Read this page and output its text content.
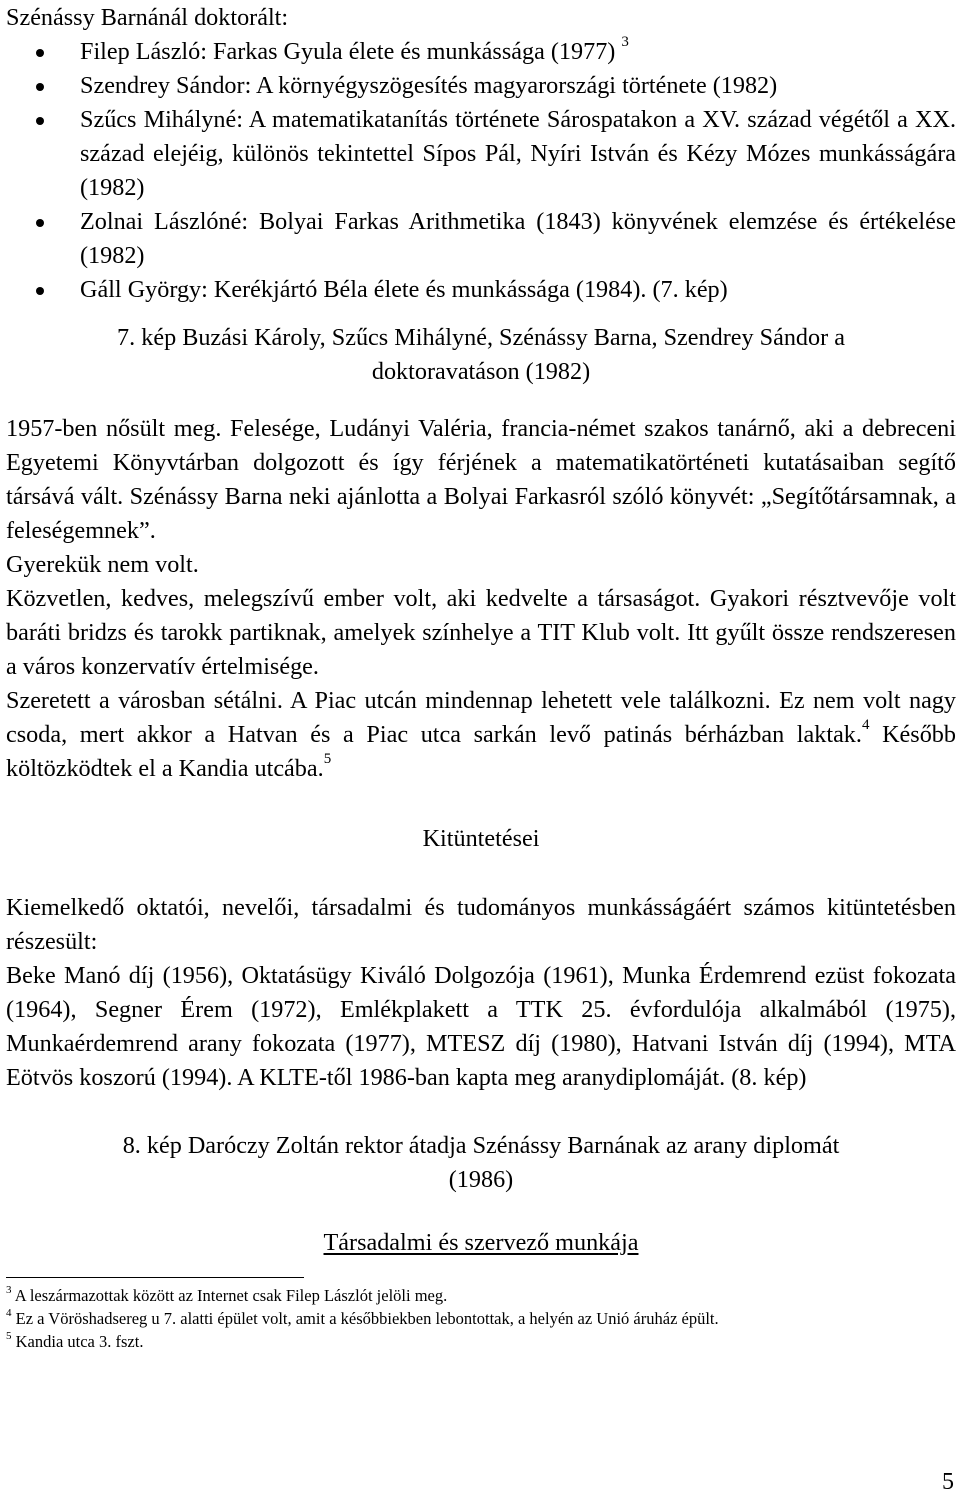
Szénássy Barnánál doktorált:

Filep László: Farkas Gyula élete és munkássága (1977) $^3$
Szendrey Sándor: A környégyszögesítés magyarországi története (1982)
Szűcs Mihályné: A matematikatanítás története Sárospatakon a XV. század végétől a XX. század elejéig, különös tekintettel Sípos Pál, Nyíri István és Kézy Mózes munkásságára (1982)
Zolnai Lászlóné: Bolyai Farkas Arithmetika (1843) könyvének elemzése és értékelése (1982)
Gáll György: Kerékjártó Béla élete és munkássága (1984). (7. kép)
7. kép Buzási Károly, Szűcs Mihályné, Szénássy Barna, Szendrey Sándor a
doktoravatáson (1982)

1957-ben nősült meg. Felesége, Ludányi Valéria, francia-német szakos tanárnő, aki a debreceni Egyetemi Könyvtárban dolgozott és így férjének a matematikatörténeti kutatásaiban segítő társává vált. Szénássy Barna neki ajánlotta a Bolyai Farkasról szóló könyvét: „Segítőtársamnak, a feleségemnek”.

Gyerekük nem volt.

Közvetlen, kedves, melegszívű ember volt, aki kedvelte a társaságot. Gyakori résztvevője volt baráti bridzs és tarokk partiknak, amelyek színhelye a TIT Klub volt. Itt gyűlt össze rendszeresen a város konzervatív értelmisége.

Szeretett a városban sétálni. A Piac utcán mindennap lehetett vele találkozni. Ez nem volt nagy csoda, mert akkor a Hatvan és a Piac utca sarkán levő patinás bérházban laktak.$^4$ Később költözködtek el a Kandia utcába.$^5$

Kitüntetései

Kiemelkedő oktatói, nevelői, társadalmi és tudományos munkásságáért számos kitüntetésben részesült:

Beke Manó díj (1956), Oktatásügy Kiváló Dolgozója (1961), Munka Érdemrend ezüst fokozata (1964), Segner Érem (1972), Emlékplakett a TTK 25. évfordulója alkalmából (1975), Munkaérdemrend arany fokozata (1977), MTESZ díj (1980), Hatvani István díj (1994), MTA Eötvös koszorú (1994). A KLTE-től 1986-ban kapta meg aranydiplomáját. (8. kép)

8. kép Daróczy Zoltán rektor átadja Szénássy Barnának az arany diplomát
(1986)

Társadalmi és szervező munkája

$^3$ A leszármazottak között az Internet csak Filep Lászlót jelöli meg.
$^4$ Ez a Vöröshadsereg u 7. alatti épület volt, amit a későbbiekben lebontottak, a helyén az Unió áruház épült.
$^5$ Kandia utca 3. fszt.
5
